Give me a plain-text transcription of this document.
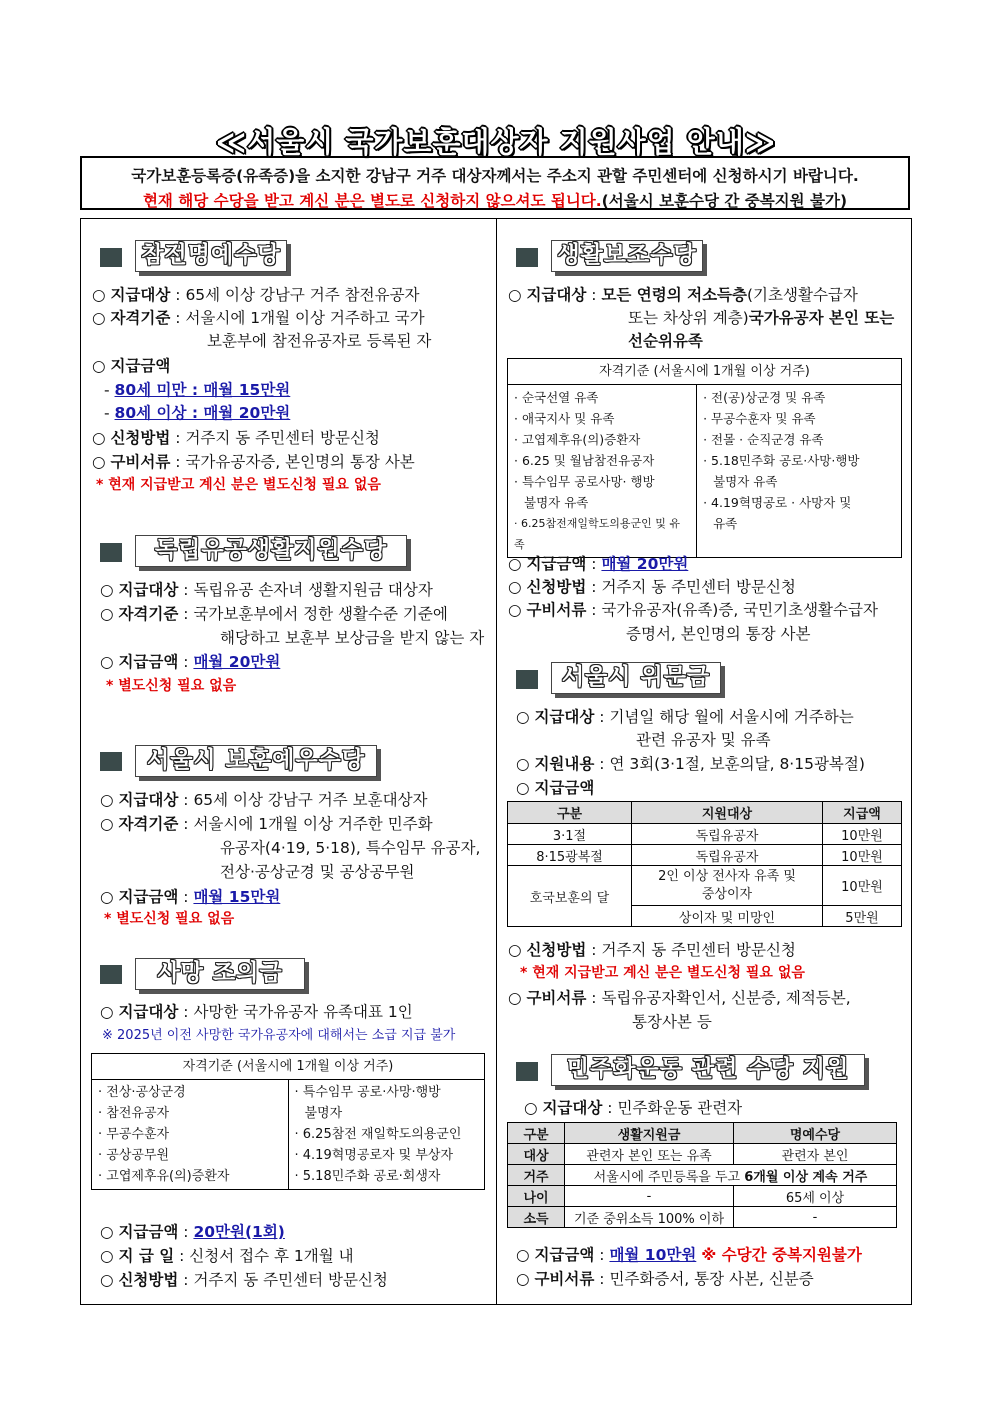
≪서울시 국가보훈대상자 지원사업 안내≫
국가보훈등록증(유족증)을 소지한 강남구 거주 대상자께서는 주소지 관할 주민센터에 신청하시기 바랍니다.
현재 해당 수당을 받고 계신 분은 별도로 신청하지 않으셔도 됩니다.(서울시 보훈수당 간 중복지원 불가)
참전명예수당
○ 지급대상 : 65세 이상 강남구 거주 참전유공자
○ 자격기준 : 서울시에 1개월 이상 거주하고 국가
보훈부에 참전유공자로 등록된 자
○ 지급금액
- 80세 미만 : 매월 15만원
- 80세 이상 : 매월 20만원
○ 신청방법 : 거주지 동 주민센터 방문신청
○ 구비서류 : 국가유공자증, 본인명의 통장 사본
* 현재 지급받고 계신 분은 별도신청 필요 없음
독립유공생활지원수당
○ 지급대상 : 독립유공 손자녀 생활지원금 대상자
○ 자격기준 : 국가보훈부에서 정한 생활수준 기준에
해당하고 보훈부 보상금을 받지 않는 자
○ 지급금액 : 매월 20만원
* 별도신청 필요 없음
서울시 보훈예우수당
○ 지급대상 : 65세 이상 강남구 거주 보훈대상자
○ 자격기준 : 서울시에 1개월 이상 거주한 민주화
유공자(4·19, 5·18), 특수임무 유공자,
전상·공상군경 및 공상공무원
○ 지급금액 : 매월 15만원
* 별도신청 필요 없음
사망 조의금
○ 지급대상 : 사망한 국가유공자 유족대표 1인
※ 2025년 이전 사망한 국가유공자에 대해서는 소급 지급 불가
자격기준 (서울시에 1개월 이상 거주)

· 전상·공상군경
· 참전유공자
· 무공수훈자
· 공상공무원
· 고엽제후유(의)증환자

· 특수임무 공로·사망·행방
불명자
· 6.25참전 재일학도의용군인
· 4.19혁명공로자 및 부상자
· 5.18민주화 공로·회생자
○ 지급금액 : 20만원(1회)
○ 지 급 일 : 신청서 접수 후 1개월 내
○ 신청방법 : 거주지 동 주민센터 방문신청
생활보조수당
○ 지급대상 : 모든 연령의 저소득층(기초생활수급자
또는 차상위 계층)국가유공자 본인 또는
선순위유족
자격기준 (서울시에 1개월 이상 거주)

· 순국선열 유족
· 애국지사 및 유족
· 고엽제후유(의)증환자
· 6.25 및 월남참전유공자
· 특수임무 공로사망· 행방
불명자 유족
· 6.25참전재일학도의용군인 및 유족

· 전(공)상군경 및 유족
· 무공수훈자 및 유족
· 전몰 · 순직군경 유족
· 5.18민주화 공로·사망·행방
불명자 유족
· 4.19혁명공로 · 사망자 및
유족
○ 지급금액 : 매월 20만원
○ 신청방법 : 거주지 동 주민센터 방문신청
○ 구비서류 : 국가유공자(유족)증, 국민기초생활수급자
증명서, 본인명의 통장 사본
서울시 위문금
○ 지급대상 : 기념일 해당 월에 서울시에 거주하는
관련 유공자 및 유족
○ 지원내용 : 연 3회(3·1절, 보훈의달, 8·15광복절)
○ 지급금액
구분	지원대상	지급액
3·1절	독립유공자	10만원
8·15광복절	독립유공자	10만원
호국보훈의 달	2인 이상 전사자 유족 및
중상이자	10만원
	상이자 및 미망인	5만원
○ 신청방법 : 거주지 동 주민센터 방문신청
* 현재 지급받고 계신 분은 별도신청 필요 없음
○ 구비서류 : 독립유공자확인서, 신분증, 제적등본,
통장사본 등
민주화운동 관련 수당 지원
○ 지급대상 : 민주화운동 관련자
구분	생활지원금	명예수당
대상	관련자 본인 또는 유족	관련자 본인
거주	서울시에 주민등록을 두고 6개월 이상 계속 거주	
나이	-	65세 이상
소득	기준 중위소득 100% 이하	-
○ 지급금액 : 매월 10만원 ※ 수당간 중복지원불가
○ 구비서류 : 민주화증서, 통장 사본, 신분증
